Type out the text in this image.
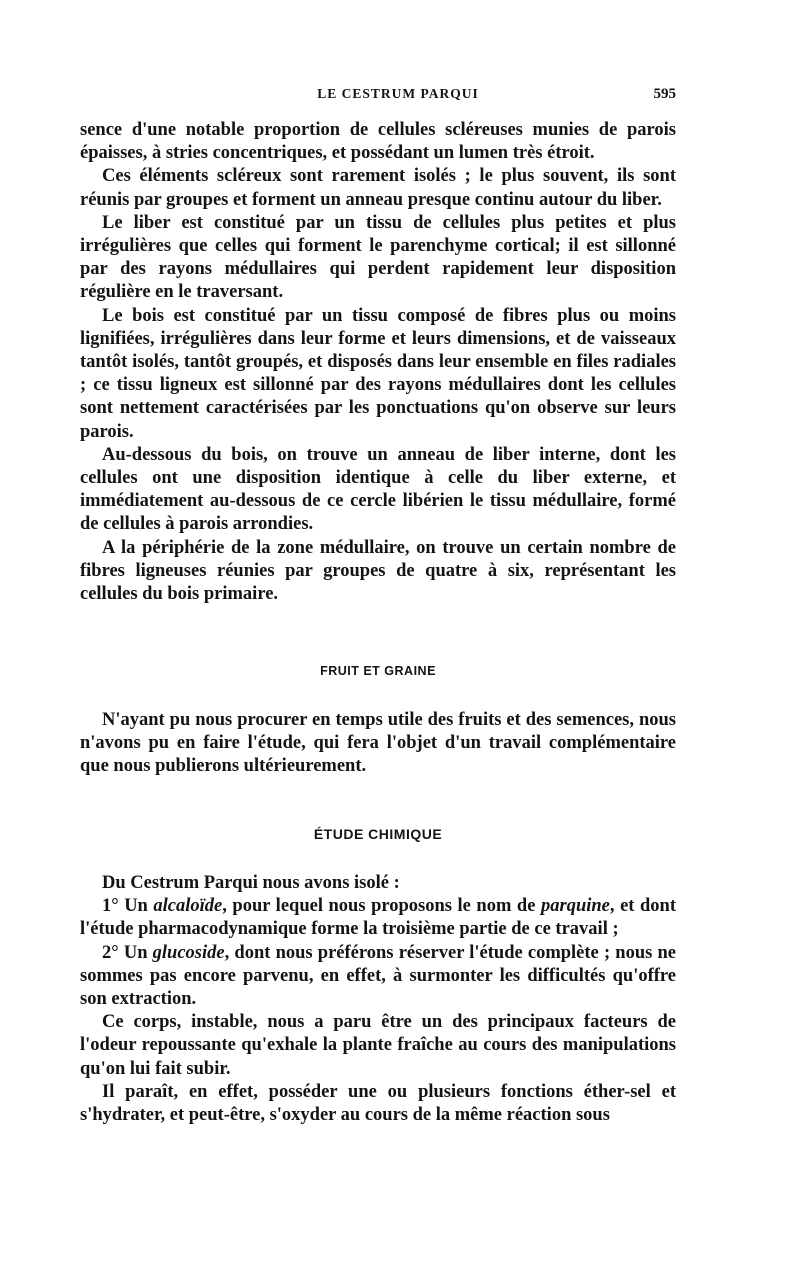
LE CESTRUM PARQUI	595

sence d'une notable proportion de cellules scléreuses munies de parois épaisses, à stries concentriques, et possédant un lumen très étroit.

Ces éléments scléreux sont rarement isolés ; le plus souvent, ils sont réunis par groupes et forment un anneau presque continu autour du liber.

Le liber est constitué par un tissu de cellules plus petites et plus irrégulières que celles qui forment le parenchyme cortical; il est sillonné par des rayons médullaires qui perdent rapidement leur disposition régulière en le traversant.

Le bois est constitué par un tissu composé de fibres plus ou moins lignifiées, irrégulières dans leur forme et leurs dimensions, et de vaisseaux tantôt isolés, tantôt groupés, et disposés dans leur ensemble en files radiales ; ce tissu ligneux est sillonné par des rayons médullaires dont les cellules sont nettement caractérisées par les ponctuations qu'on observe sur leurs parois.

Au-dessous du bois, on trouve un anneau de liber interne, dont les cellules ont une disposition identique à celle du liber externe, et immédiatement au-dessous de ce cercle libérien le tissu médullaire, formé de cellules à parois arrondies.

A la périphérie de la zone médullaire, on trouve un certain nombre de fibres ligneuses réunies par groupes de quatre à six, représentant les cellules du bois primaire.

FRUIT ET GRAINE

N'ayant pu nous procurer en temps utile des fruits et des semences, nous n'avons pu en faire l'étude, qui fera l'objet d'un travail complémentaire que nous publierons ultérieurement.

ÉTUDE CHIMIQUE

Du Cestrum Parqui nous avons isolé :

1° Un alcaloïde, pour lequel nous proposons le nom de parquine, et dont l'étude pharmacodynamique forme la troisième partie de ce travail ;

2° Un glucoside, dont nous préférons réserver l'étude complète ; nous ne sommes pas encore parvenu, en effet, à surmonter les difficultés qu'offre son extraction.

Ce corps, instable, nous a paru être un des principaux facteurs de l'odeur repoussante qu'exhale la plante fraîche au cours des manipulations qu'on lui fait subir.

Il paraît, en effet, posséder une ou plusieurs fonctions éther-sel et s'hydrater, et peut-être, s'oxyder au cours de la même réaction sous
